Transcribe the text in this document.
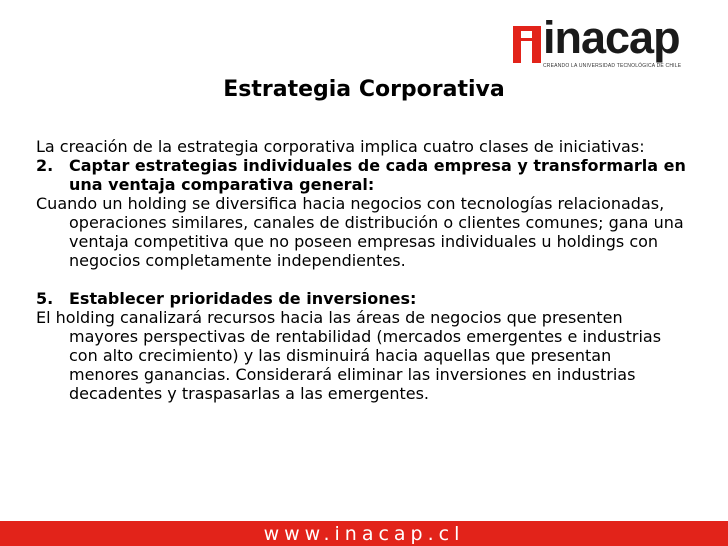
inacap
CREANDO LA UNIVERSIDAD TECNOLÓGICA DE CHILE
Estrategia Corporativa

La creación de la estrategia corporativa implica cuatro clases de iniciativas:

2. Captar estrategias individuales de cada empresa y transformarla en una ventaja comparativa general:

Cuando un holding se diversifica hacia negocios con tecnologías relacionadas, operaciones similares, canales de distribución o clientes comunes; gana una ventaja competitiva que no poseen empresas individuales u holdings con negocios completamente independientes.

5. Establecer prioridades de inversiones:

El holding canalizará recursos hacia las áreas de negocios que presenten mayores perspectivas de rentabilidad (mercados emergentes e industrias con alto crecimiento) y las disminuirá hacia aquellas que presentan menores ganancias. Considerará eliminar las inversiones en industrias decadentes y traspasarlas a las emergentes.

www.inacap.cl
